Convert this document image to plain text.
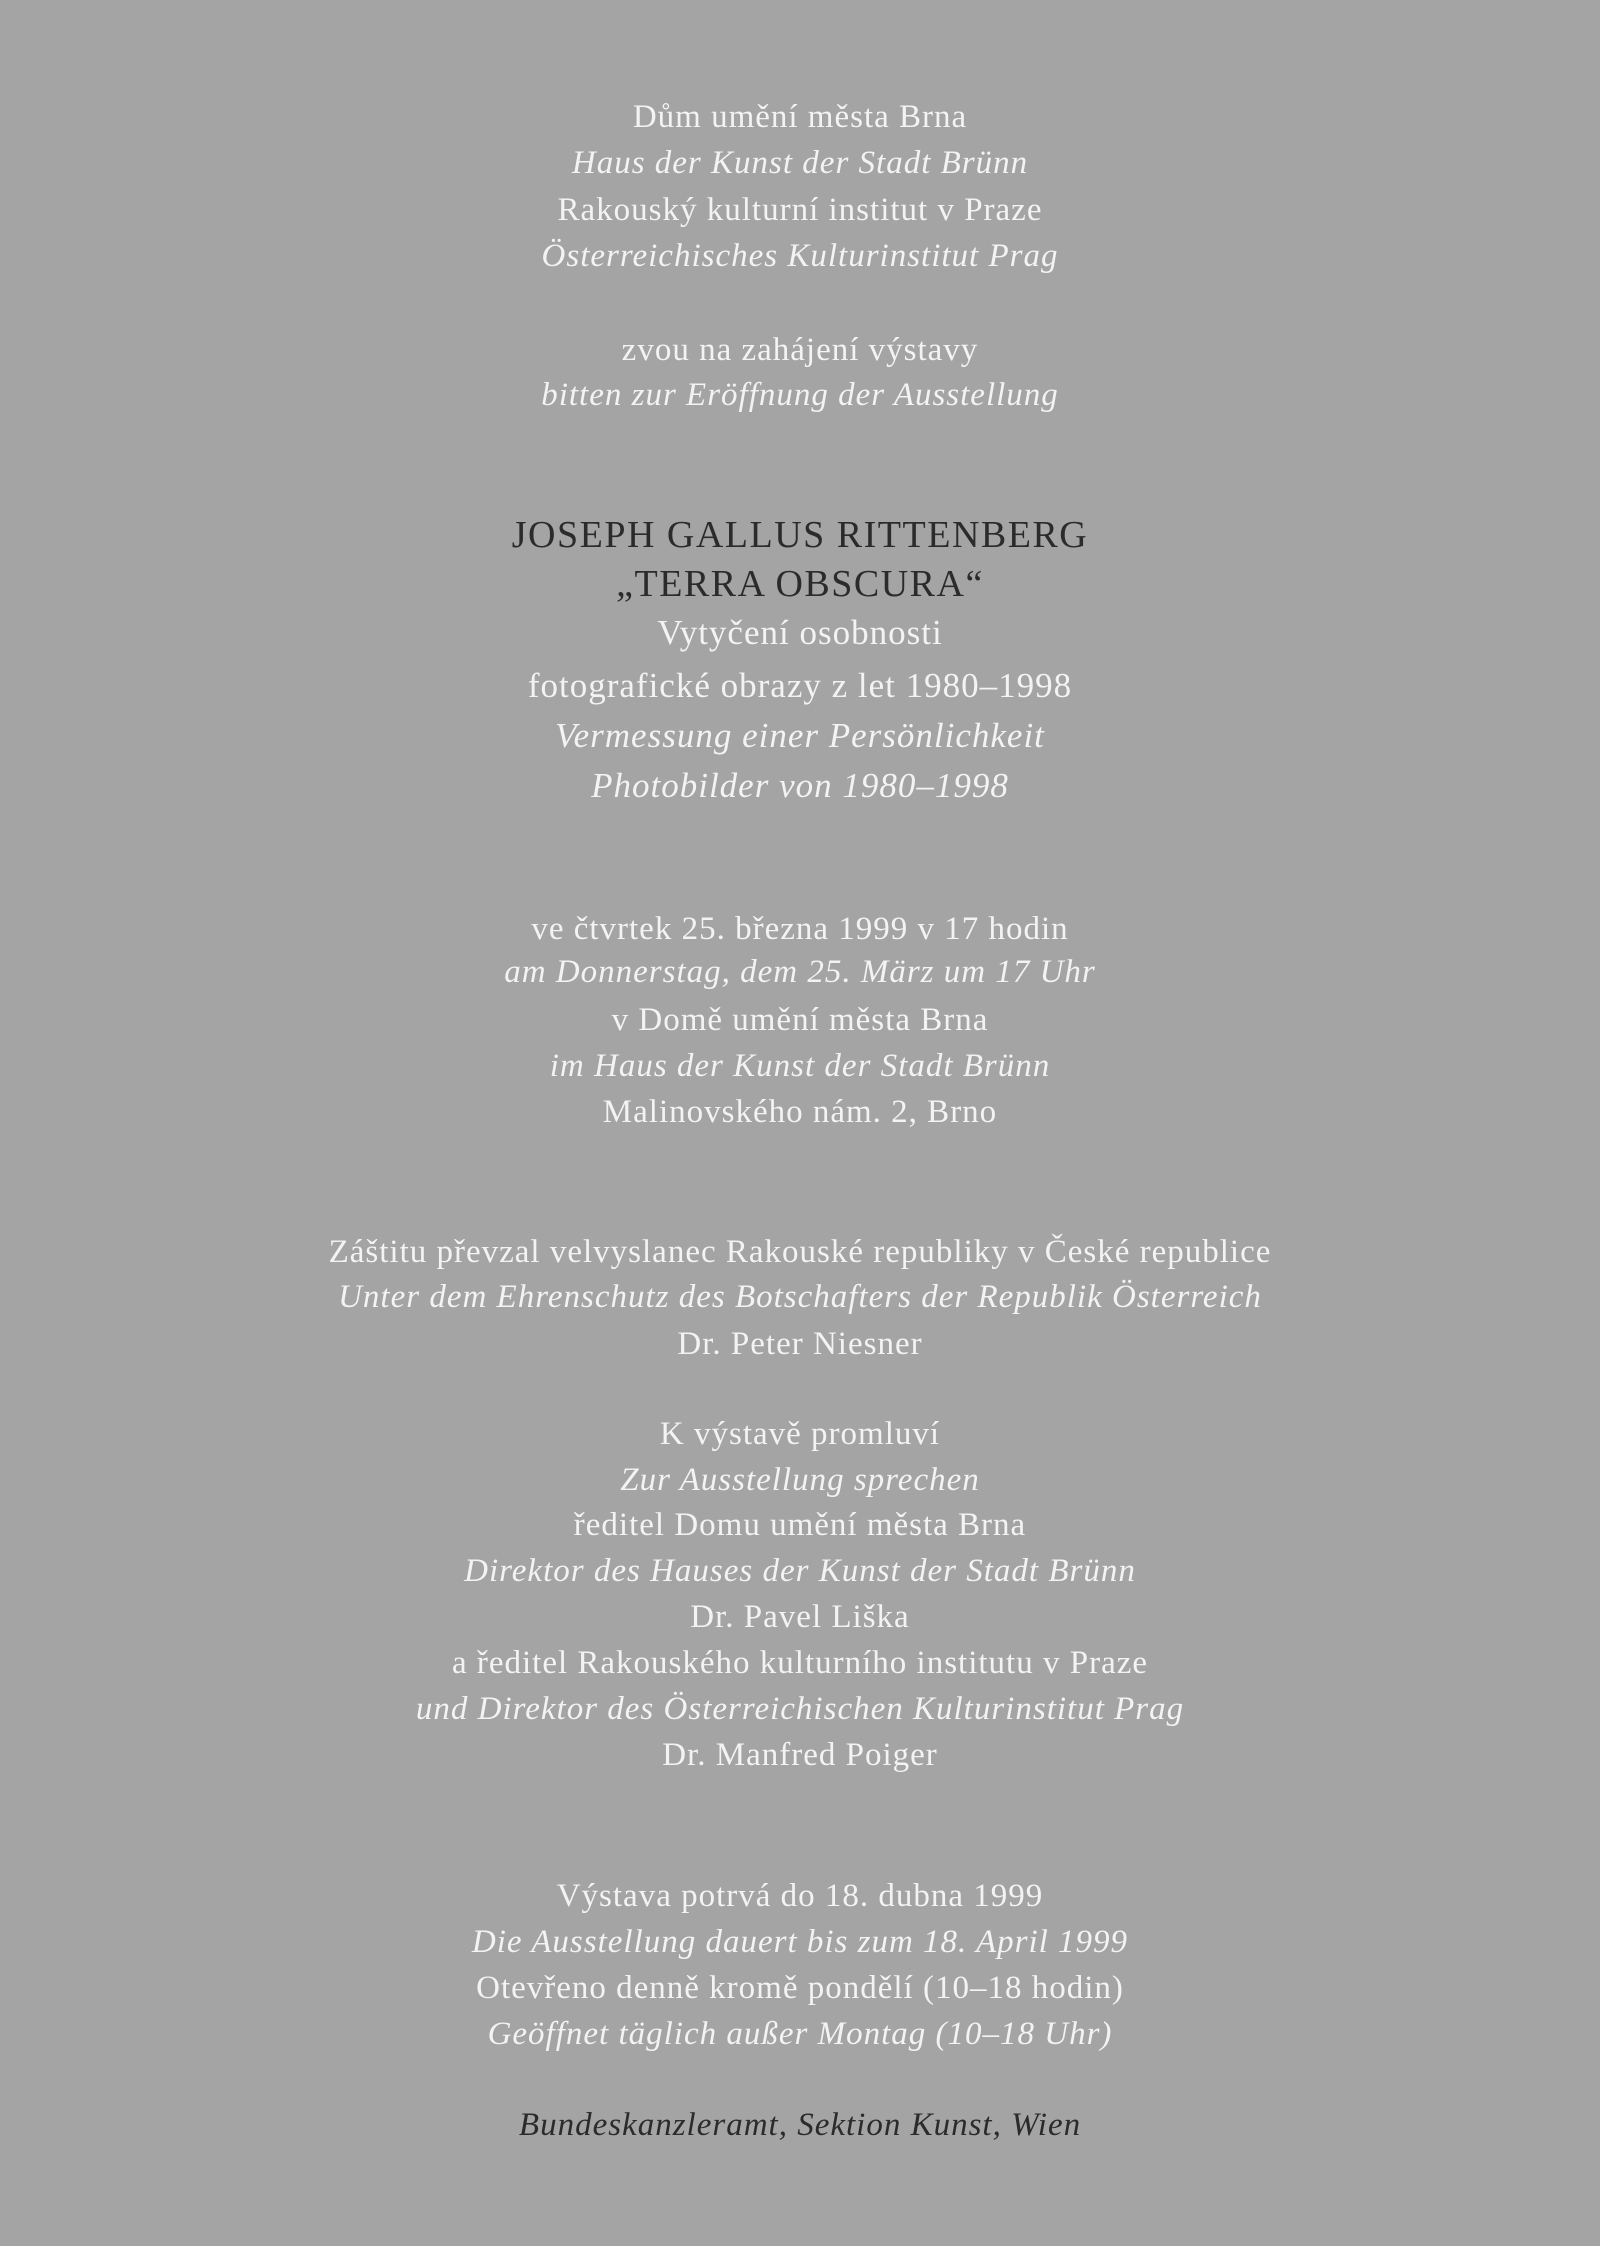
Dům umění města Brna
Haus der Kunst der Stadt Brünn
Rakouský kulturní institut v Praze
Österreichisches Kulturinstitut Prag
zvou na zahájení výstavy
bitten zur Eröffnung der Ausstellung
JOSEPH GALLUS RITTENBERG
„TERRA OBSCURA“
Vytyčení osobnosti
fotografické obrazy z let 1980–1998
Vermessung einer Persönlichkeit
Photobilder von 1980–1998
ve čtvrtek 25. března 1999 v 17 hodin
am Donnerstag, dem 25. März um 17 Uhr
v Domě umění města Brna
im Haus der Kunst der Stadt Brünn
Malinovského nám. 2, Brno
Záštitu převzal velvyslanec Rakouské republiky v České republice
Unter dem Ehrenschutz des Botschafters der Republik Österreich
Dr. Peter Niesner
K výstavě promluví
Zur Ausstellung sprechen
ředitel Domu umění města Brna
Direktor des Hauses der Kunst der Stadt Brünn
Dr. Pavel Liška
a ředitel Rakouského kulturního institutu v Praze
und Direktor des Österreichischen Kulturinstitut Prag
Dr. Manfred Poiger
Výstava potrvá do 18. dubna 1999
Die Ausstellung dauert bis zum 18. April 1999
Otevřeno denně kromě pondělí (10–18 hodin)
Geöffnet täglich außer Montag (10–18 Uhr)
Bundeskanzleramt, Sektion Kunst, Wien
